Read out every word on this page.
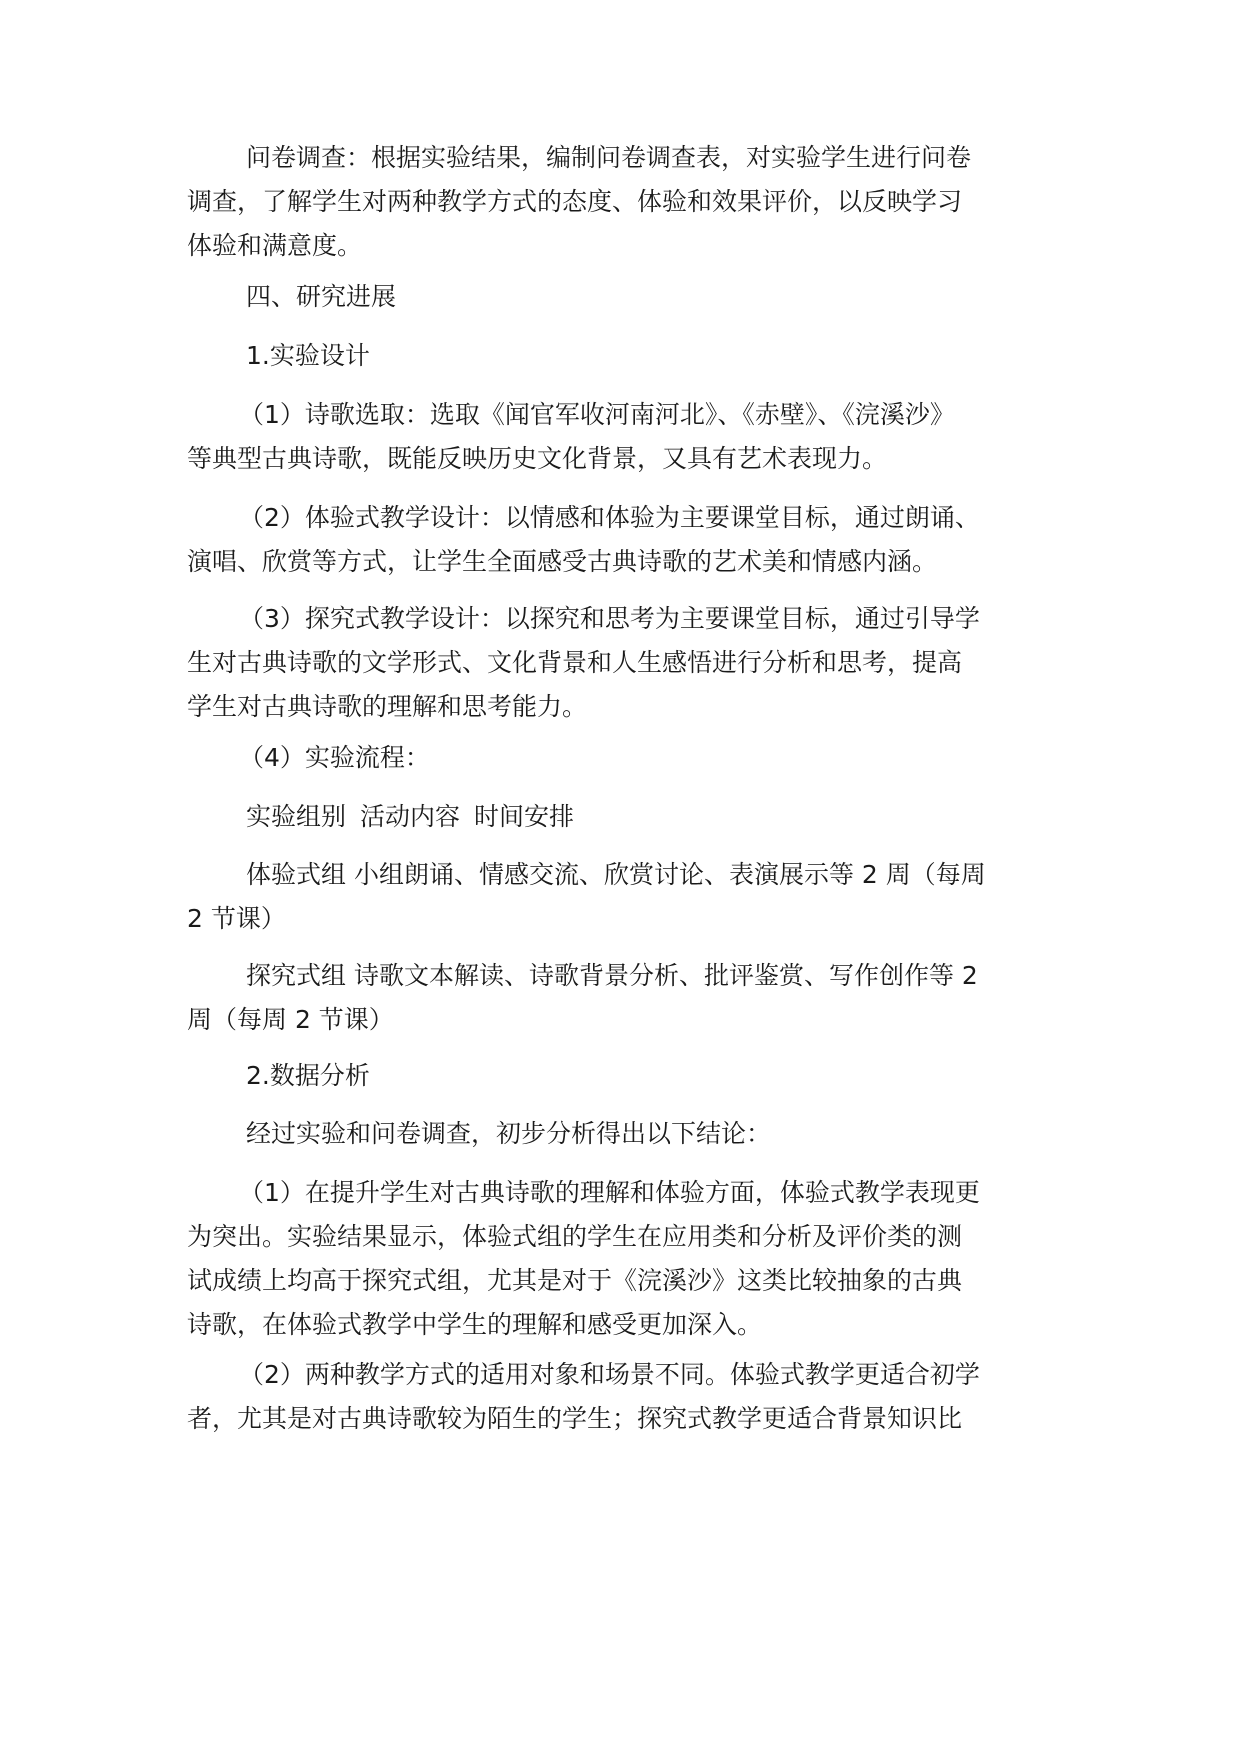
问卷调查：根据实验结果，编制问卷调查表，对实验学生进行问卷
调查，了解学生对两种教学方式的态度、体验和效果评价，以反映学习
体验和满意度。
四、研究进展
1.实验设计
（1）诗歌选取：选取《闻官军收河南河北》、《赤壁》、《浣溪沙》
等典型古典诗歌，既能反映历史文化背景，又具有艺术表现力。
（2）体验式教学设计：以情感和体验为主要课堂目标，通过朗诵、
演唱、欣赏等方式，让学生全面感受古典诗歌的艺术美和情感内涵。
（3）探究式教学设计：以探究和思考为主要课堂目标，通过引导学
生对古典诗歌的文学形式、文化背景和人生感悟进行分析和思考，提高
学生对古典诗歌的理解和思考能力。
（4）实验流程：
实验组别 活动内容 时间安排
体验式组 小组朗诵、情感交流、欣赏讨论、表演展示等 2 周（每周
2 节课）
探究式组 诗歌文本解读、诗歌背景分析、批评鉴赏、写作创作等 2
周（每周 2 节课）
2.数据分析
经过实验和问卷调查，初步分析得出以下结论：
（1）在提升学生对古典诗歌的理解和体验方面，体验式教学表现更
为突出。实验结果显示，体验式组的学生在应用类和分析及评价类的测
试成绩上均高于探究式组，尤其是对于《浣溪沙》这类比较抽象的古典
诗歌，在体验式教学中学生的理解和感受更加深入。
（2）两种教学方式的适用对象和场景不同。体验式教学更适合初学
者，尤其是对古典诗歌较为陌生的学生；探究式教学更适合背景知识比
